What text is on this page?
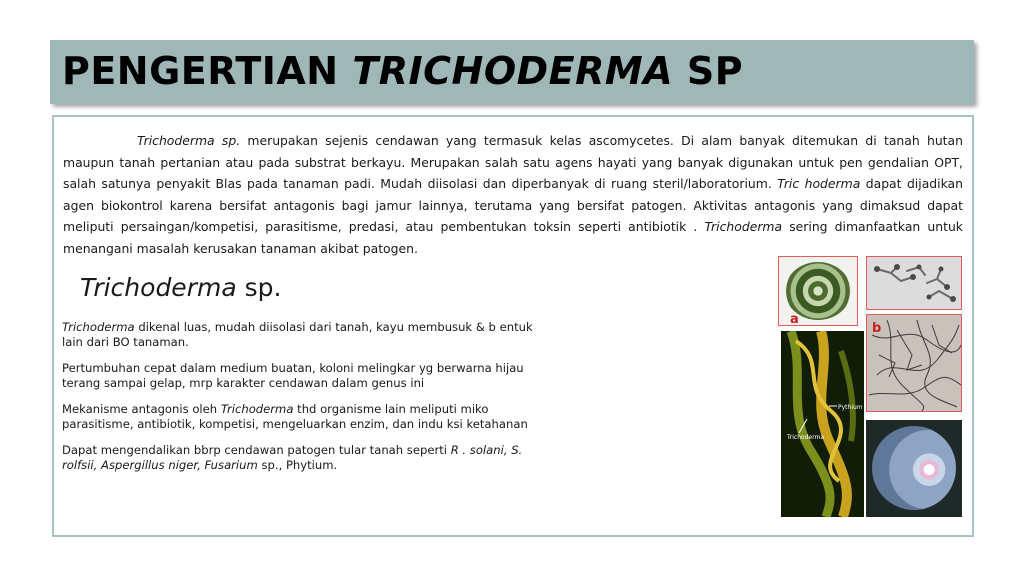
PENGERTIAN TRICHODERMA SP
Trichoderma sp. merupakan sejenis cendawan yang termasuk kelas ascomycetes. Di alam banyak ditemukan di tanah hutan maupun tanah pertanian atau pada substrat berkayu. Merupakan salah satu agens hayati yang banyak digunakan untuk pen gendalian OPT, salah satunya penyakit Blas pada tanaman padi. Mudah diisolasi dan diperbanyak di ruang steril/laboratorium. Tric hoderma dapat dijadikan agen biokontrol karena bersifat antagonis bagi jamur lainnya, terutama yang bersifat patogen. Aktivitas antagonis yang dimaksud dapat meliputi persaingan/kompetisi, parasitisme, predasi, atau pembentukan toksin seperti antibiotik . Trichoderma sering dimanfaatkan untuk menangani masalah kerusakan tanaman akibat patogen.
Trichoderma sp.

Trichoderma dikenal luas, mudah diisolasi dari tanah, kayu membusuk & b entuk lain dari BO tanaman.

Pertumbuhan cepat dalam medium buatan, koloni melingkar yg berwarna hijau terang sampai gelap, mrp karakter cendawan dalam genus ini

Mekanisme antagonis oleh Trichoderma thd organisme lain meliputi miko parasitisme, antibiotik, kompetisi, mengeluarkan enzim, dan indu ksi ketahanan

Dapat mengendalikan bbrp cendawan patogen tular tanah seperti R . solani, S. rolfsii, Aspergillus niger, Fusarium sp., Phytium.

a
b
Pythium
Trichoderma
